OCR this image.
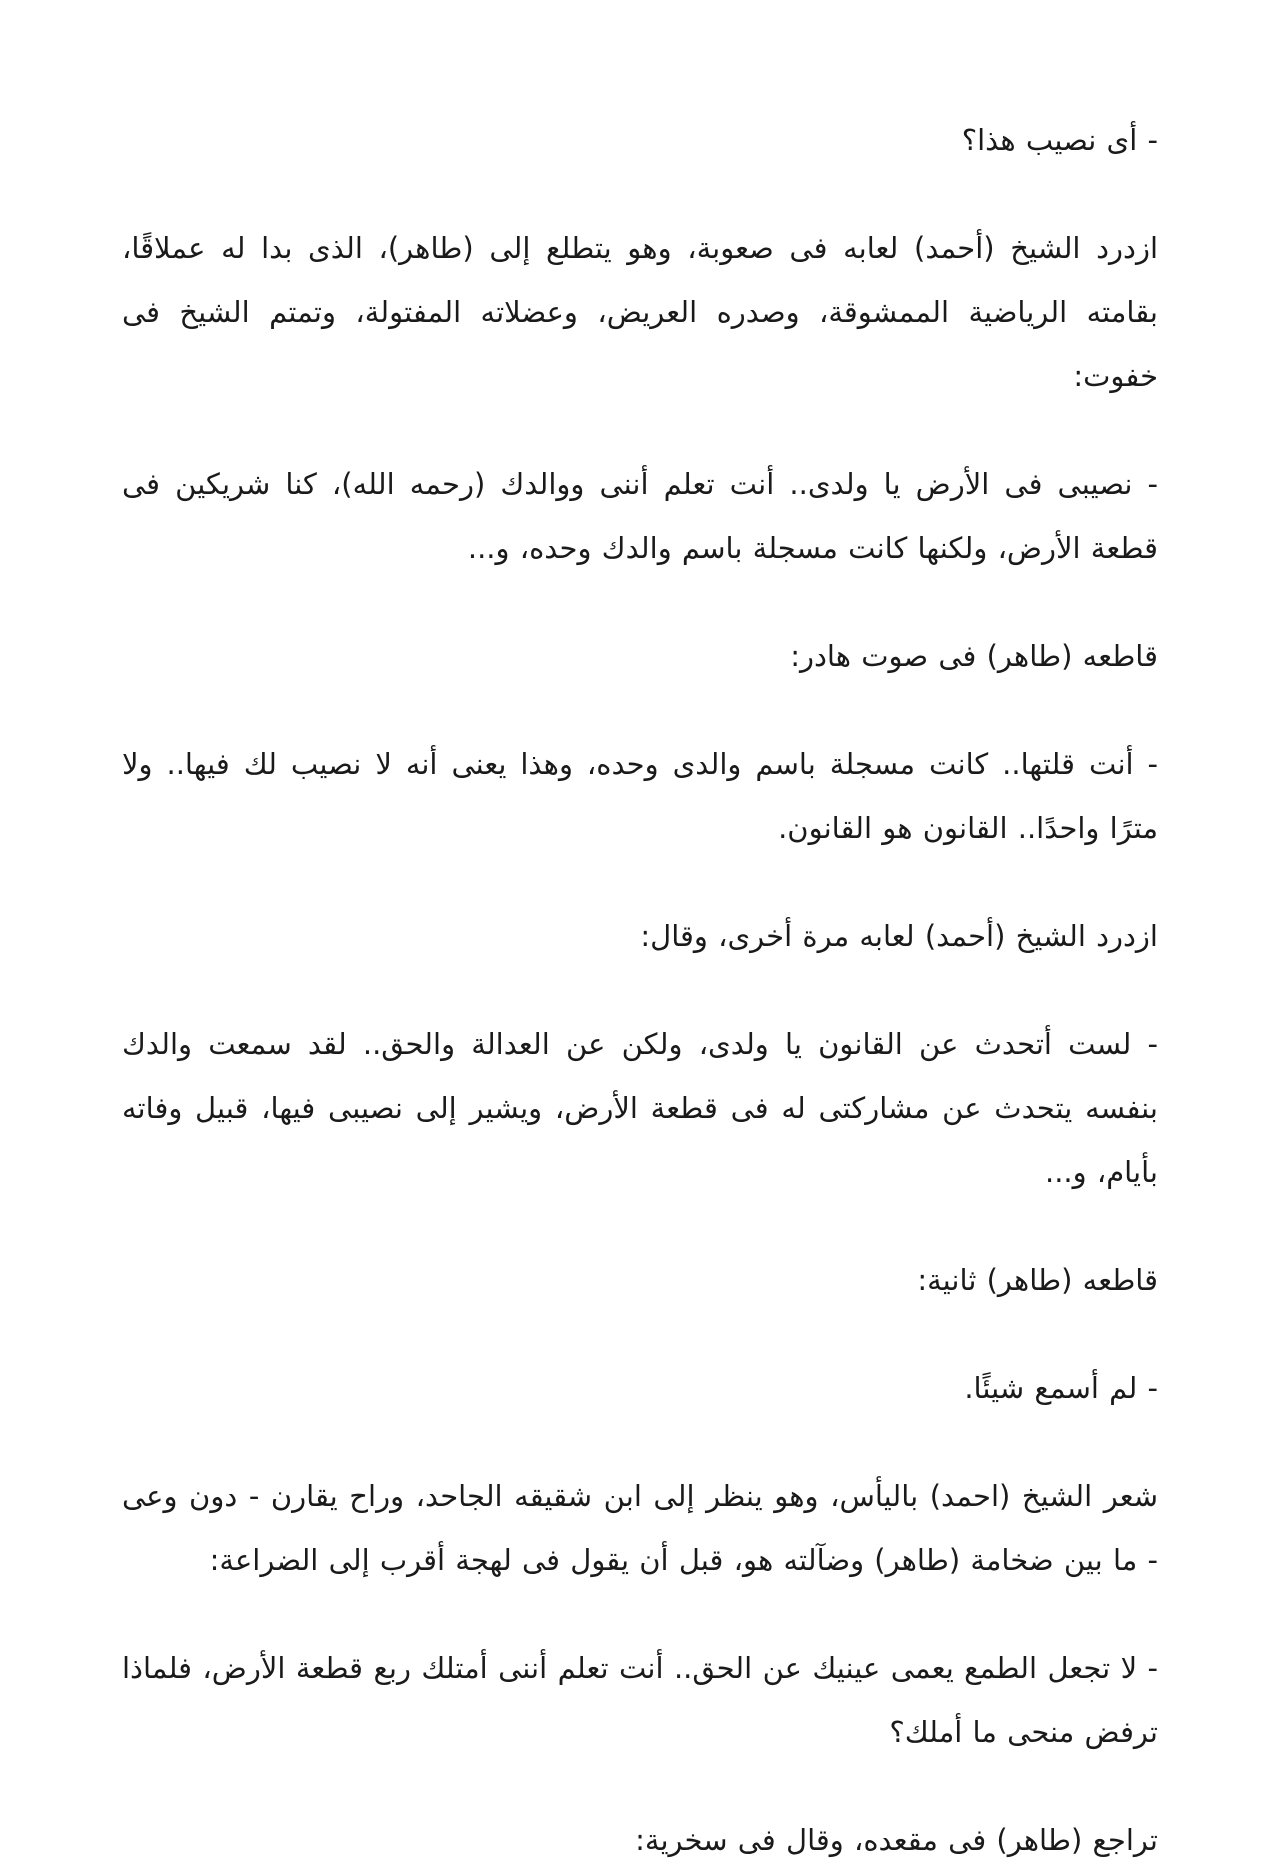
- أى نصيب هذا؟

ازدرد الشيخ (أحمد) لعابه فى صعوبة، وهو يتطلع إلى (طاهر)، الذى بدا له عملاقًا، بقامته الرياضية الممشوقة، وصدره العريض، وعضلاته المفتولة، وتمتم الشيخ فى خفوت:

- نصيبى فى الأرض يا ولدى.. أنت تعلم أننى ووالدك (رحمه الله)، كنا شريكين فى قطعة الأرض، ولكنها كانت مسجلة باسم والدك وحده، و...

قاطعه (طاهر) فى صوت هادر:

- أنت قلتها.. كانت مسجلة باسم والدى وحده، وهذا يعنى أنه لا نصيب لك فيها.. ولا مترًا واحدًا.. القانون هو القانون.

ازدرد الشيخ (أحمد) لعابه مرة أخرى، وقال:

- لست أتحدث عن القانون يا ولدى، ولكن عن العدالة والحق.. لقد سمعت والدك بنفسه يتحدث عن مشاركتى له فى قطعة الأرض، ويشير إلى نصيبى فيها، قبيل وفاته بأيام، و...

قاطعه (طاهر) ثانية:

- لم أسمع شيئًا.

شعر الشيخ (احمد) باليأس، وهو ينظر إلى ابن شقيقه الجاحد، وراح يقارن - دون وعى - ما بين ضخامة (طاهر) وضآلته هو، قبل أن يقول فى لهجة أقرب إلى الضراعة:

- لا تجعل الطمع يعمى عينيك عن الحق.. أنت تعلم أننى أمتلك ربع قطعة الأرض، فلماذا ترفض منحى ما أملك؟

تراجع (طاهر) فى مقعده، وقال فى سخرية:
